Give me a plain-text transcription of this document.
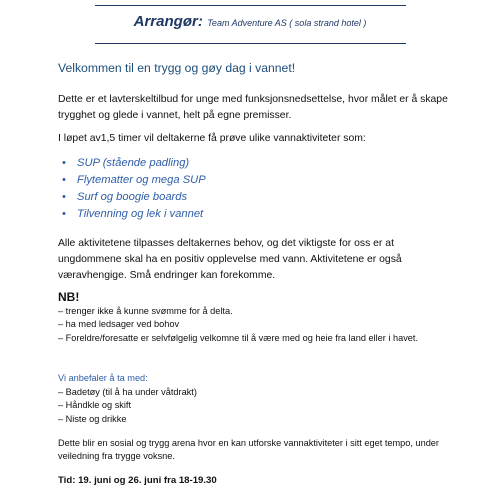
Arrangør: Team Adventure AS ( sola strand hotel )
Velkommen til en trygg og gøy dag i vannet!
Dette er et lavterskeltilbud for unge med funksjonsnedsettelse, hvor målet er å skape trygghet og glede i vannet, helt på egne premisser.
I løpet av1,5 timer vil deltakerne få prøve ulike vannaktiviteter som:
• SUP (stående padling)
• Flytematter og mega SUP
• Surf og boogie boards
• Tilvenning og lek i vannet
Alle aktivitetene tilpasses deltakernes behov, og det viktigste for oss er at ungdommene skal ha en positiv opplevelse med vann. Aktivitetene er også væravhengige. Små endringer kan forekomme.
NB!
– trenger ikke å kunne svømme for å delta.
– ha med ledsager ved bohov
– Foreldre/foresatte er selvfølgelig velkomne til å være med og heie fra land eller i havet.
Vi anbefaler å ta med:
– Badetøy (til å ha under våtdrakt)
– Håndkle og skift
– Niste og drikke
Dette blir en sosial og trygg arena hvor en kan utforske vannaktiviteter i sitt eget tempo, under veiledning fra trygge voksne.
Tid: 19. juni og 26. juni fra 18-19.30
